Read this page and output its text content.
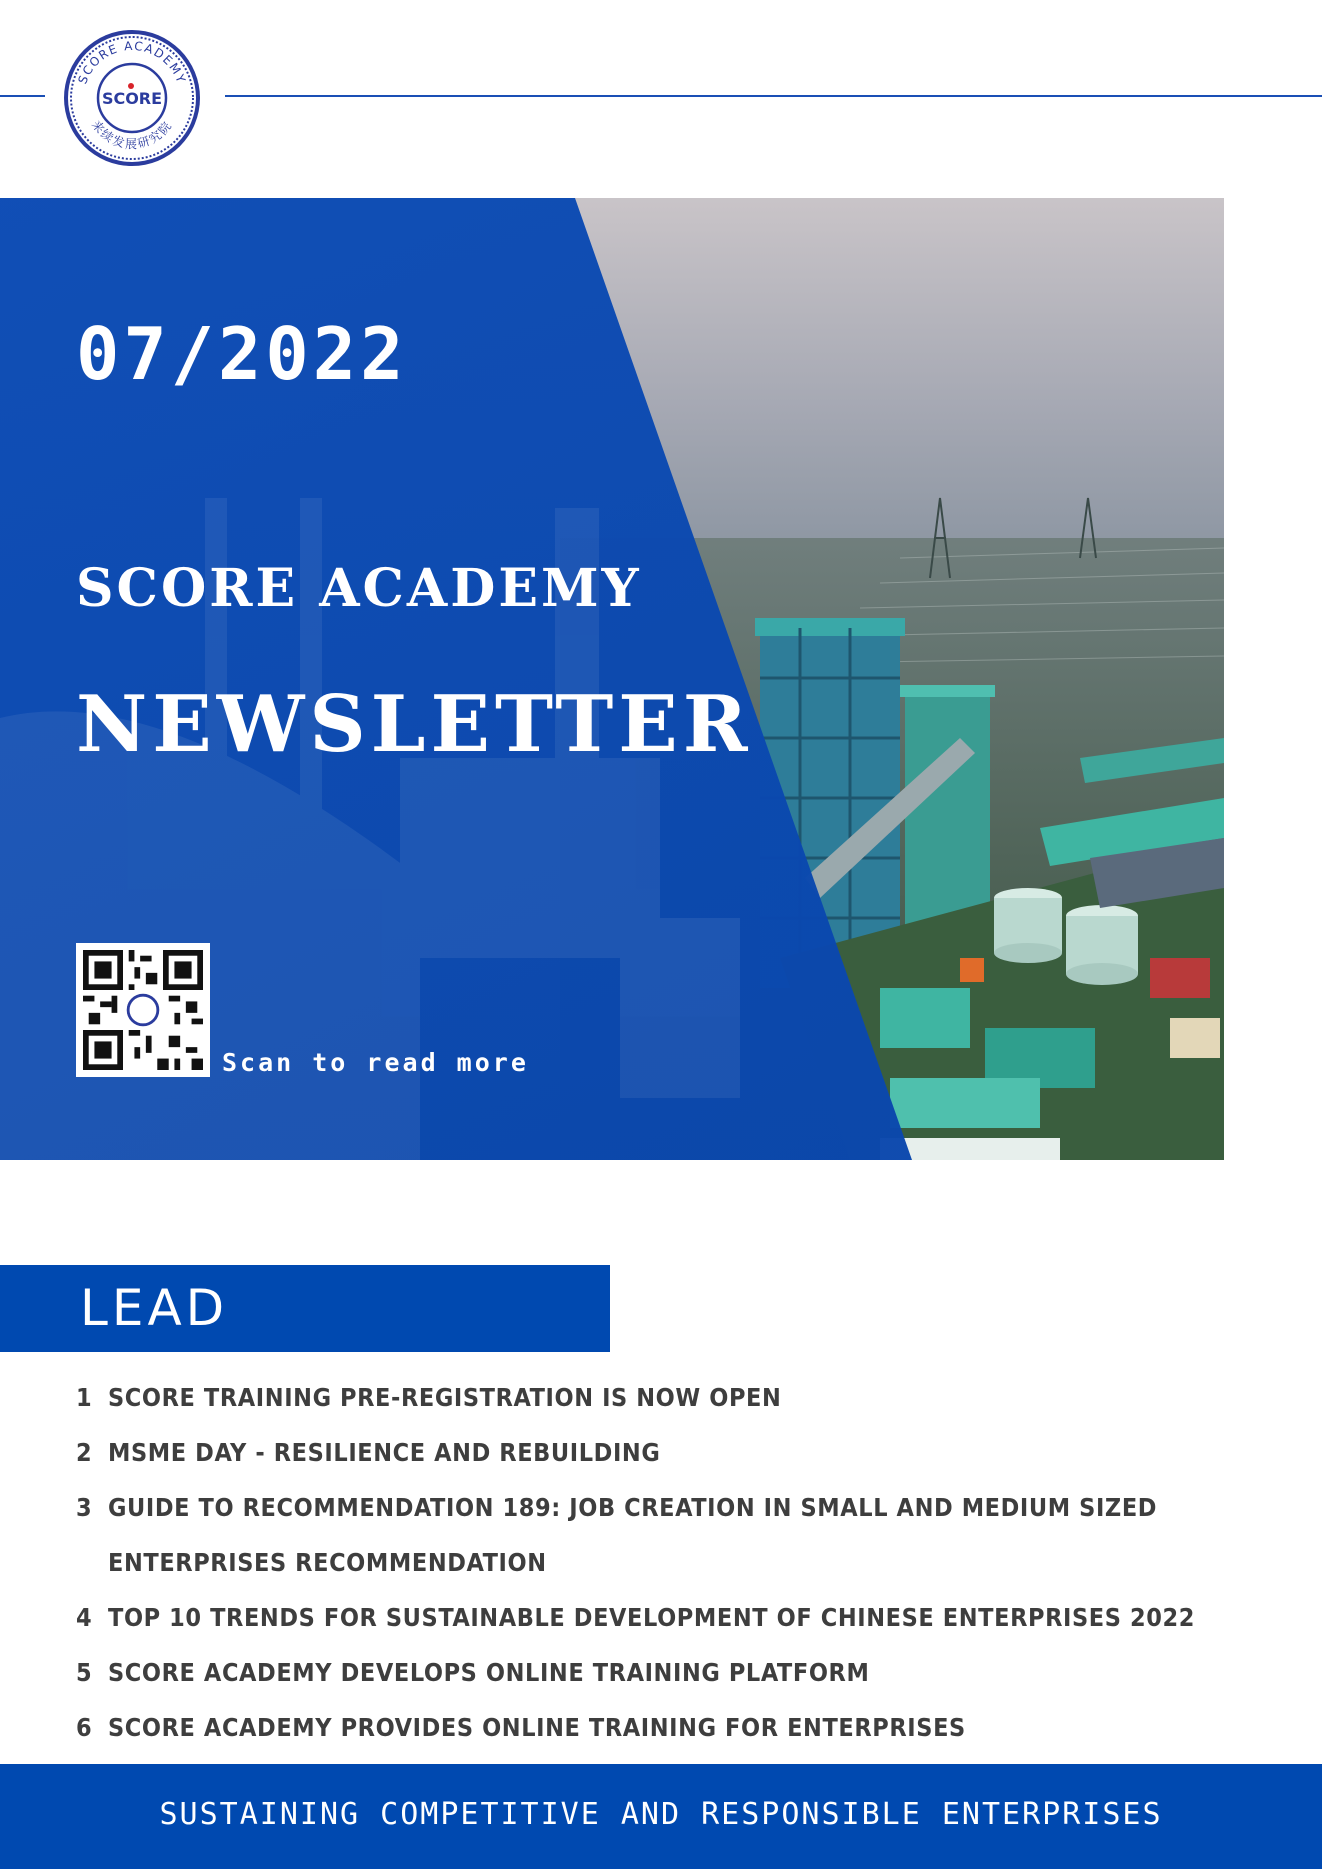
SCORE ACADEMY
来续发展研究院
SCORE
07/2022
SCORE ACADEMY
NEWSLETTER
Scan to read more
LEAD
1 SCORE TRAINING PRE-REGISTRATION IS NOW OPEN
2 MSME DAY - RESILIENCE AND REBUILDING
3 GUIDE TO RECOMMENDATION 189: JOB CREATION IN SMALL AND MEDIUM SIZED ENTERPRISES RECOMMENDATION
4 TOP 10 TRENDS FOR SUSTAINABLE DEVELOPMENT OF CHINESE ENTERPRISES 2022
5 SCORE ACADEMY DEVELOPS ONLINE TRAINING PLATFORM
6 SCORE ACADEMY PROVIDES ONLINE TRAINING FOR ENTERPRISES
SUSTAINING COMPETITIVE AND RESPONSIBLE ENTERPRISES
